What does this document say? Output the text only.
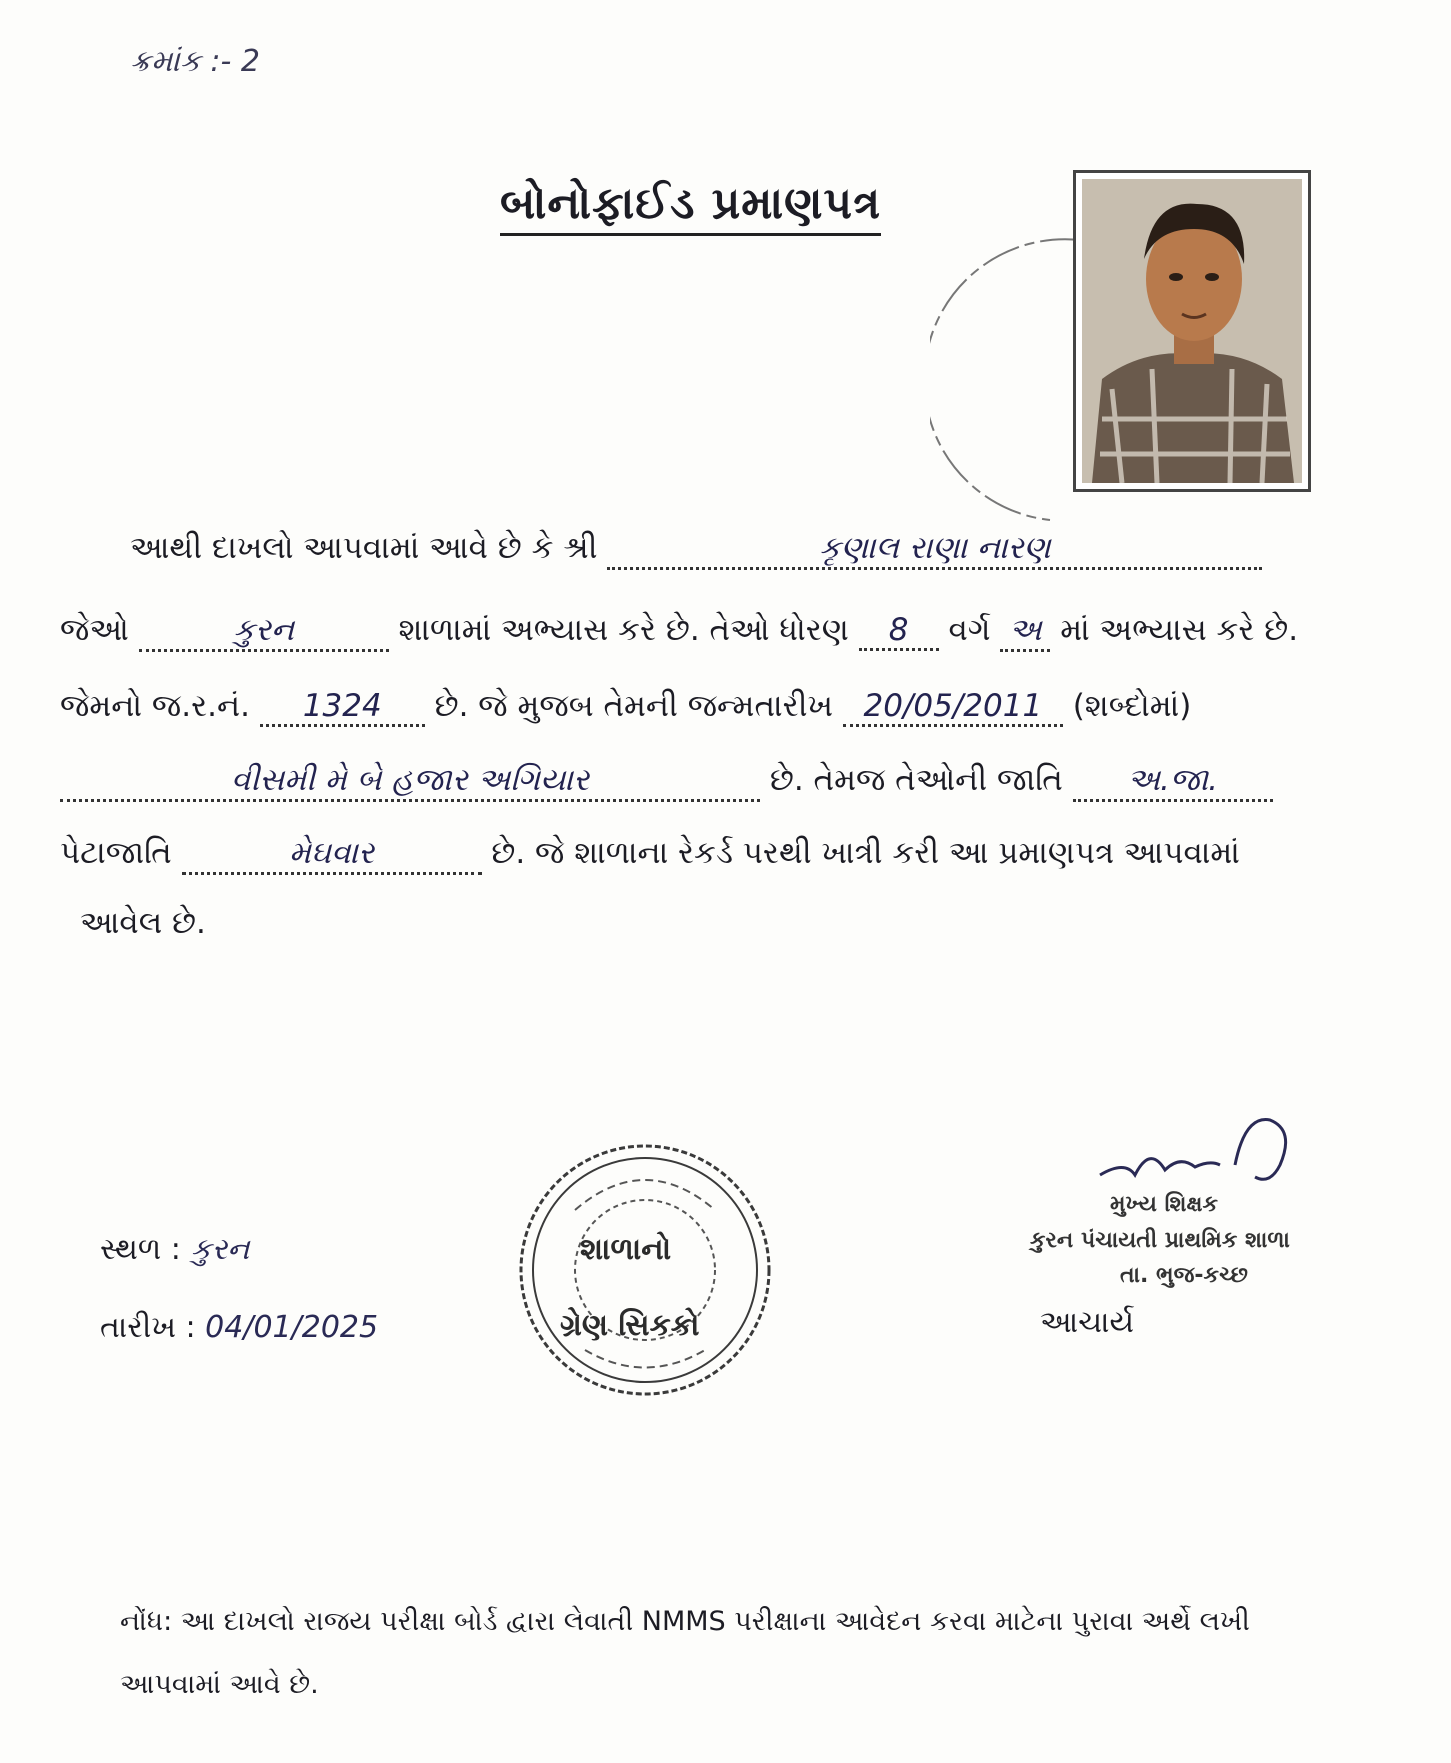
ક્રમાંક :- 2
બોનોફાઈડ પ્રમાણપત્ર
આથી દાખલો આપવામાં આવે છે કે શ્રી	કૃણાલ રાણા નારણ
જેઓ	કુરન	શાળામાં અભ્યાસ કરે છે. તેઓ ધોરણ 8 વર્ગ અ માં અભ્યાસ કરે છે.
જેમનો જ.ર.નં. 1324 છે. જે મુજબ તેમની જન્મતારીખ 20/05/2011 (શબ્દોમાં)
વીસમી મે બે હજાર અગિયાર	છે. તેમજ તેઓની જાતિ અ.જા.
પેટાજાતિ	મેઘવાર	છે. જે શાળાના રેકર્ડ પરથી ખાત્રી કરી આ પ્રમાણપત્ર આપવામાં
આવેલ છે.
શાળાનો
ગ્રેણ સિકકો
સ્થળ : કુરન
તારીખ : 04/01/2025
મુખ્ય શિક્ષક
કુરન પંચાયતી પ્રાથમિક શાળા
તા. ભુજ-કચ્છ
આચાર્ય
નોંધ: આ દાખલો રાજય પરીક્ષા બોર્ડ દ્વારા લેવાતી NMMS પરીક્ષાના આવેદન કરવા માટેના પુરાવા અર્થે લખી આપવામાં આવે છે.
